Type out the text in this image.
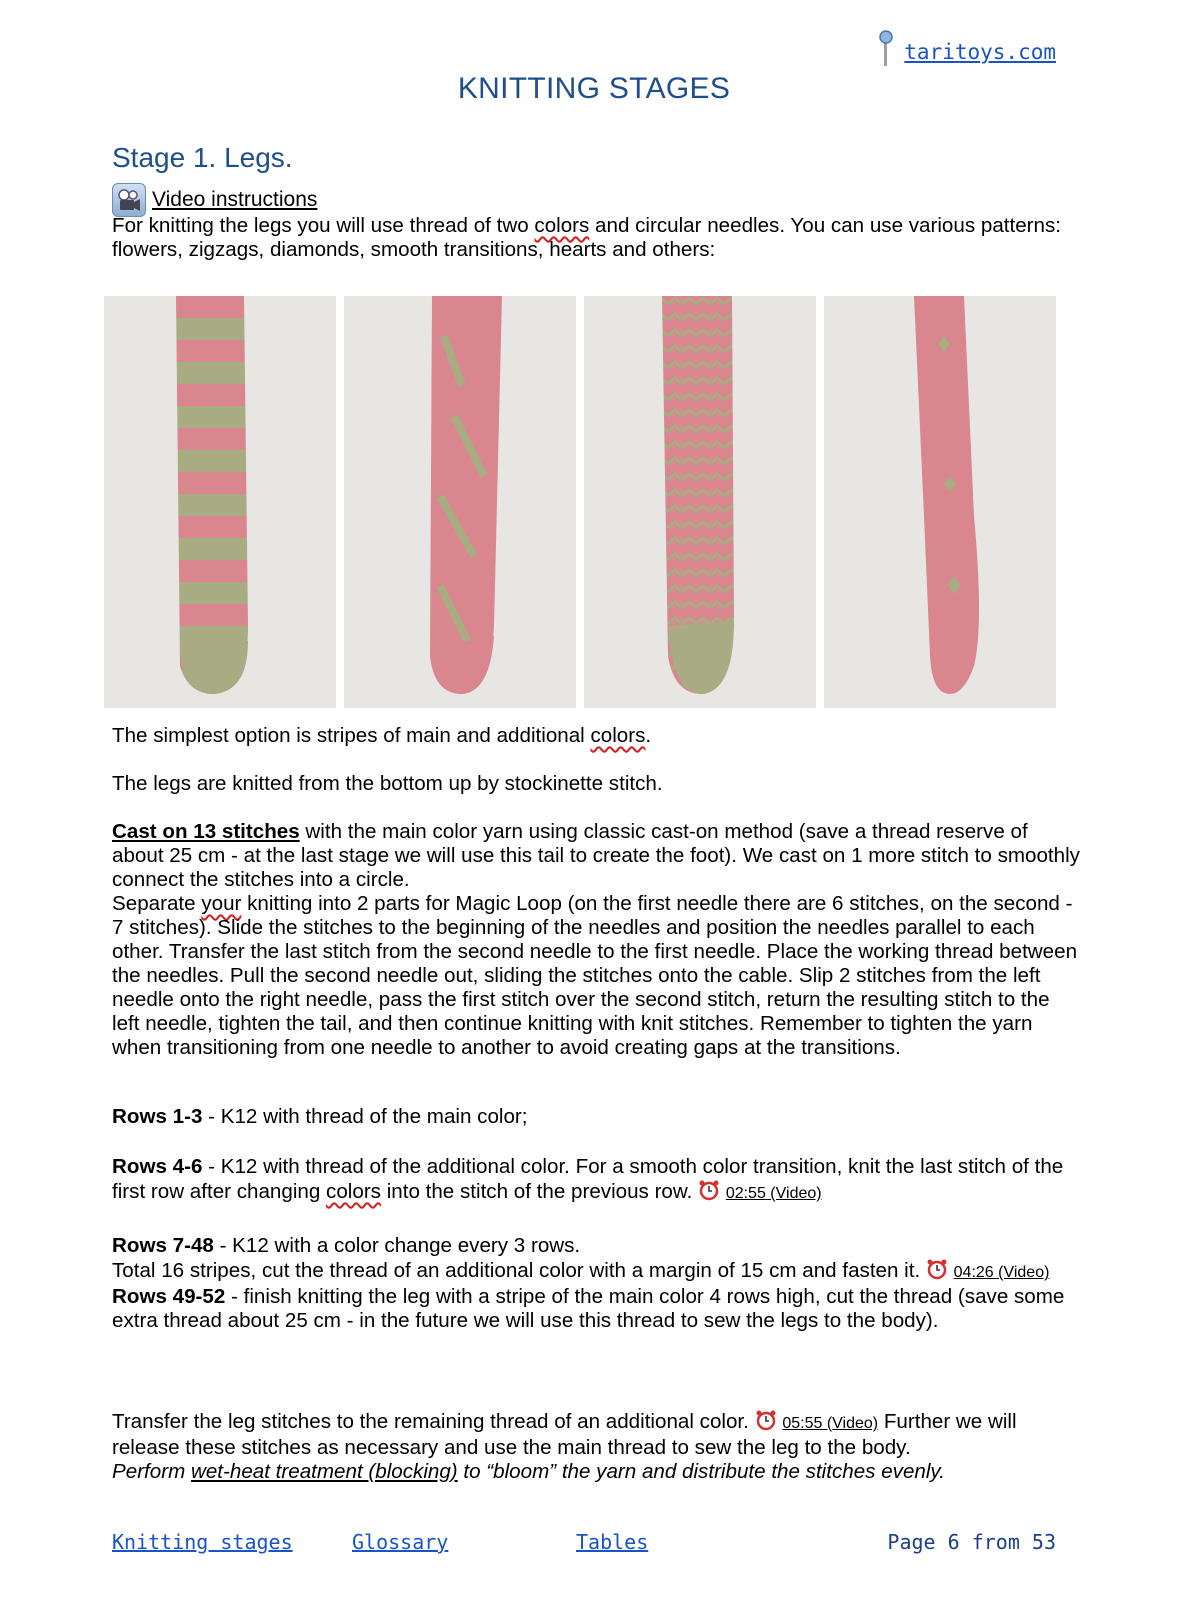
taritoys.com
KNITTING STAGES
Stage 1. Legs.
Video instructions

For knitting the legs you will use thread of two colors and circular needles. You can use various patterns: flowers, zigzags, diamonds, smooth transitions, hearts and others:

The simplest option is stripes of main and additional colors.

The legs are knitted from the bottom up by stockinette stitch.

Cast on 13 stitches with the main color yarn using classic cast-on method (save a thread reserve of about 25 cm - at the last stage we will use this tail to create the foot). We cast on 1 more stitch to smoothly connect the stitches into a circle.
Separate your knitting into 2 parts for Magic Loop (on the first needle there are 6 stitches, on the second - 7 stitches). Slide the stitches to the beginning of the needles and position the needles parallel to each other. Transfer the last stitch from the second needle to the first needle. Place the working thread between the needles. Pull the second needle out, sliding the stitches onto the cable. Slip 2 stitches from the left needle onto the right needle, pass the first stitch over the second stitch, return the resulting stitch to the left needle, tighten the tail, and then continue knitting with knit stitches. Remember to tighten the yarn when transitioning from one needle to another to avoid creating gaps at the transitions.

Rows 1-3 - K12 with thread of the main color;

Rows 4-6 - K12 with thread of the additional color. For a smooth color transition, knit the last stitch of the first row after changing colors into the stitch of the previous row.  02:55 (Video)

Rows 7-48 - K12 with a color change every 3 rows.
Total 16 stripes, cut the thread of an additional color with a margin of 15 cm and fasten it.  04:26 (Video)
Rows 49-52 - finish knitting the leg with a stripe of the main color 4 rows high, cut the thread (save some extra thread about 25 cm - in the future we will use this thread to sew the legs to the body).

Transfer the leg stitches to the remaining thread of an additional color.  05:55 (Video) Further we will release these stitches as necessary and use the main thread to sew the leg to the body.
Perform wet-heat treatment (blocking) to “bloom” the yarn and distribute the stitches evenly.

Knitting stages	Glossary	Tables	Page 6 from 53
